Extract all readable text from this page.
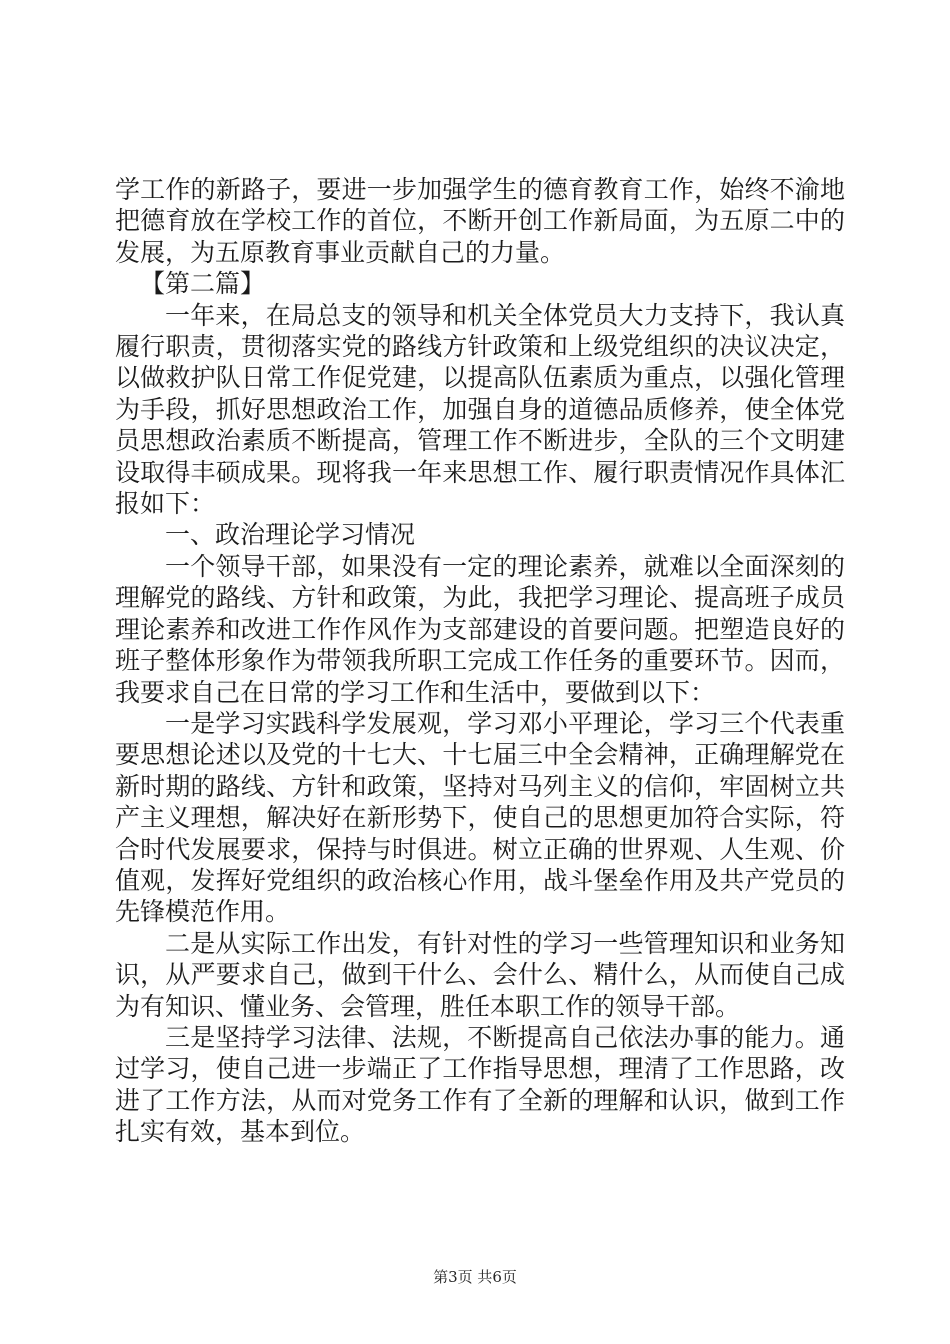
学工作的新路子，要进一步加强学生的德育教育工作，始终不渝地把德育放在学校工作的首位，不断开创工作新局面，为五原二中的发展，为五原教育事业贡献自己的力量。

【第二篇】

一年来，在局总支的领导和机关全体党员大力支持下，我认真履行职责，贯彻落实党的路线方针政策和上级党组织的决议决定，以做救护队日常工作促党建，以提高队伍素质为重点，以强化管理为手段，抓好思想政治工作，加强自身的道德品质修养，使全体党员思想政治素质不断提高，管理工作不断进步，全队的三个文明建设取得丰硕成果。现将我一年来思想工作、履行职责情况作具体汇报如下：

一、政治理论学习情况

一个领导干部，如果没有一定的理论素养，就难以全面深刻的理解党的路线、方针和政策，为此，我把学习理论、提高班子成员理论素养和改进工作作风作为支部建设的首要问题。把塑造良好的班子整体形象作为带领我所职工完成工作任务的重要环节。因而，我要求自己在日常的学习工作和生活中，要做到以下：

一是学习实践科学发展观，学习邓小平理论，学习三个代表重要思想论述以及党的十七大、十七届三中全会精神，正确理解党在新时期的路线、方针和政策，坚持对马列主义的信仰，牢固树立共产主义理想，解决好在新形势下，使自己的思想更加符合实际，符合时代发展要求，保持与时俱进。树立正确的世界观、人生观、价值观，发挥好党组织的政治核心作用，战斗堡垒作用及共产党员的先锋模范作用。

二是从实际工作出发，有针对性的学习一些管理知识和业务知识，从严要求自己，做到干什么、会什么、精什么，从而使自己成为有知识、懂业务、会管理，胜任本职工作的领导干部。

三是坚持学习法律、法规，不断提高自己依法办事的能力。通过学习，使自己进一步端正了工作指导思想，理清了工作思路，改进了工作方法，从而对党务工作有了全新的理解和认识，做到工作扎实有效，基本到位。

第3页 共6页
